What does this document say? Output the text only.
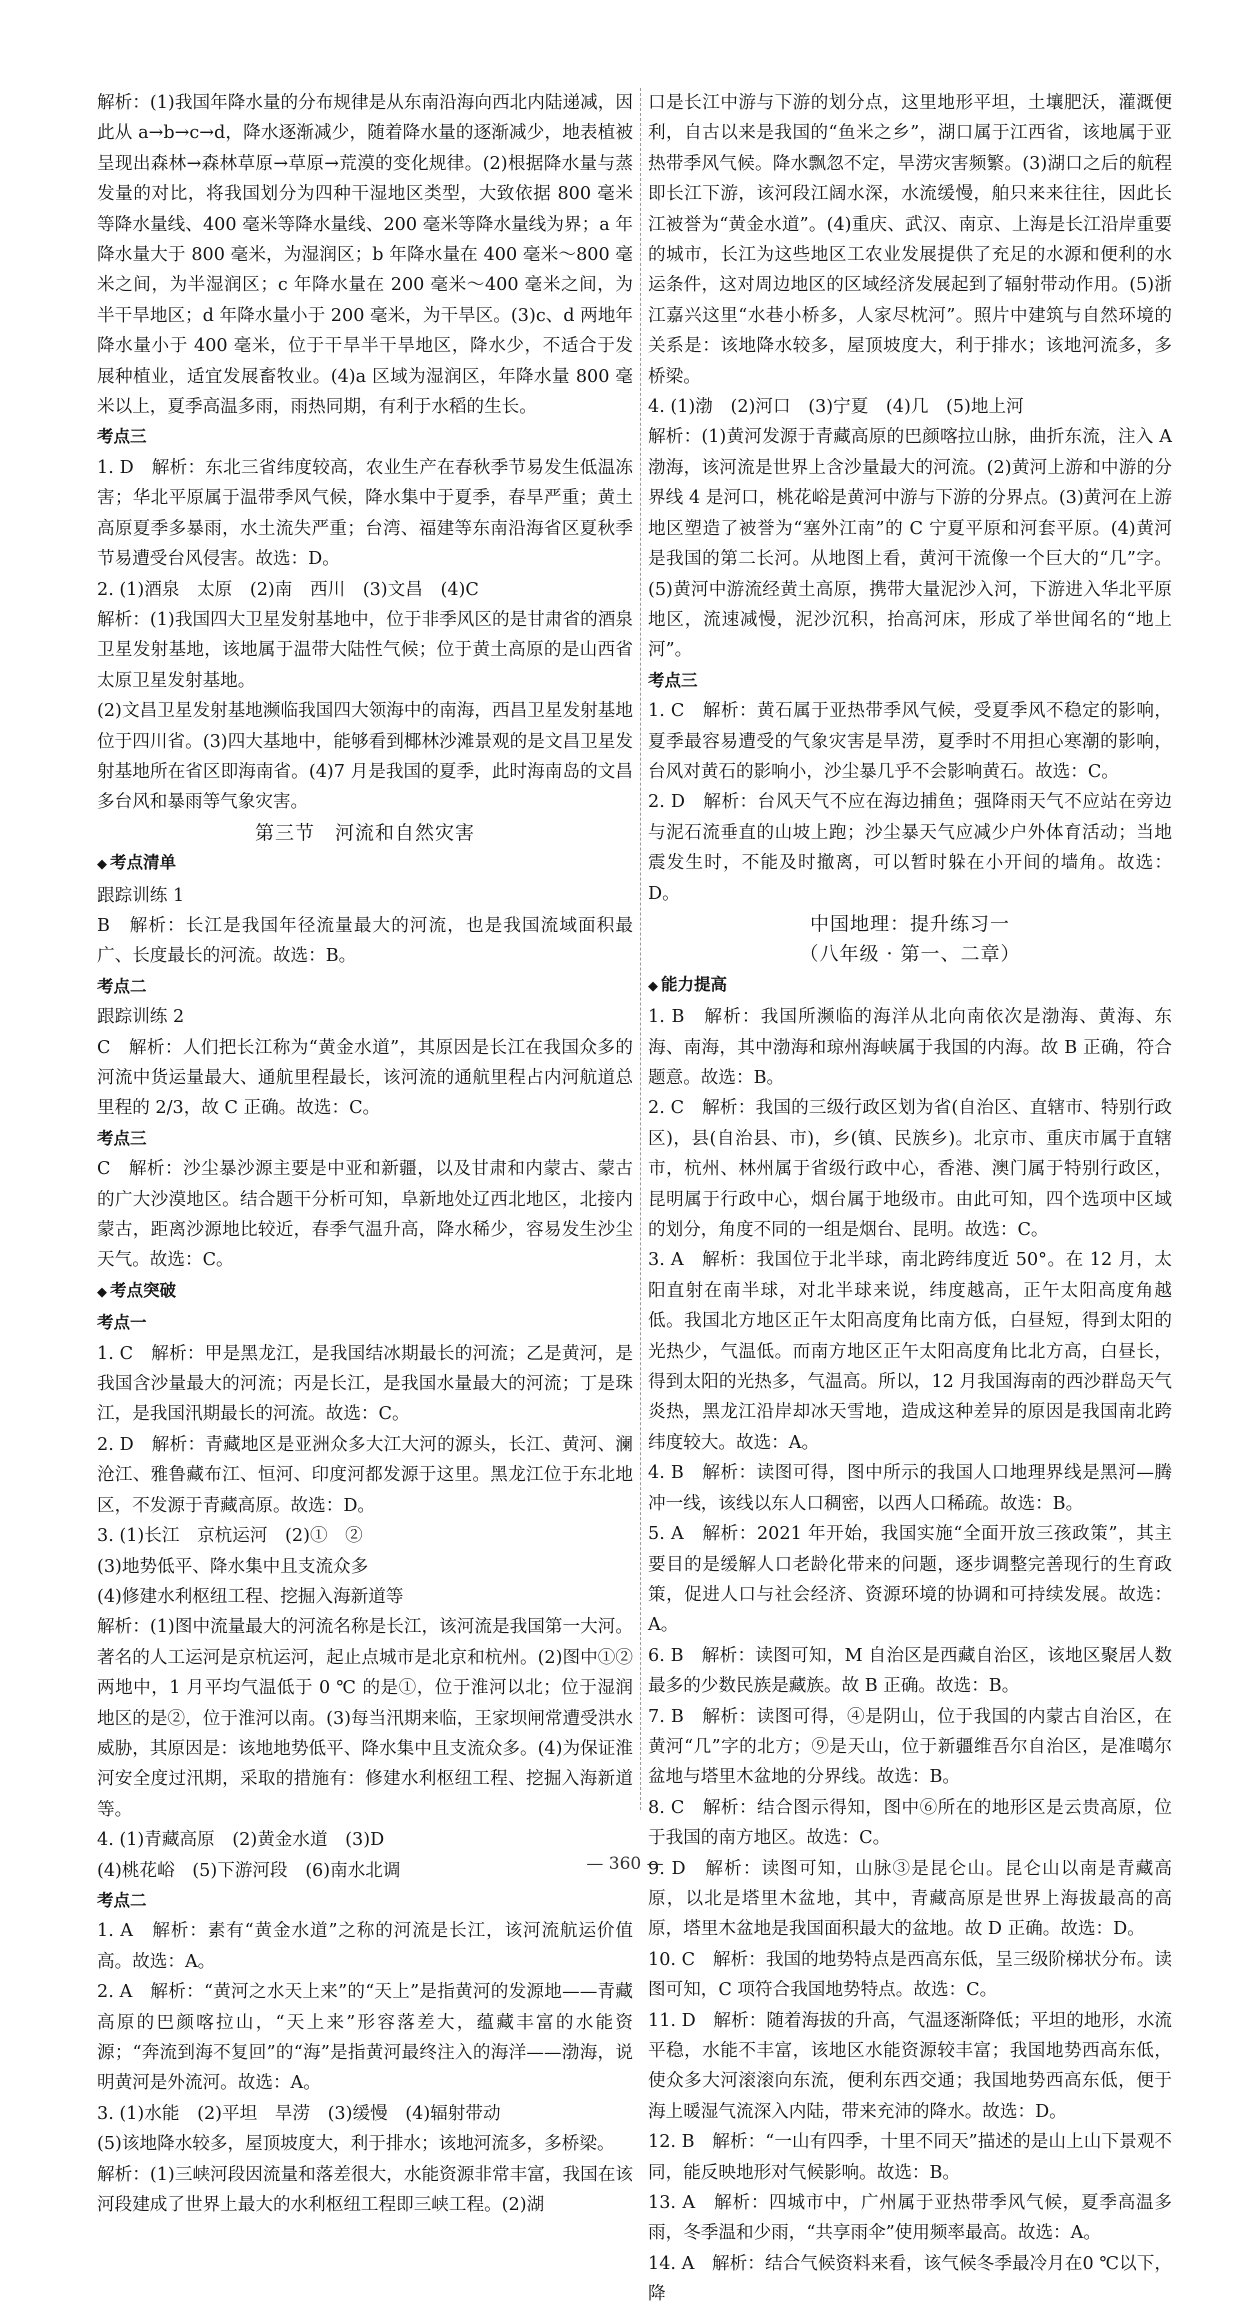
解析：(1)我国年降水量的分布规律是从东南沿海向西北内陆递减，因此从 a→b→c→d，降水逐渐减少，随着降水量的逐渐减少，地表植被呈现出森林→森林草原→草原→荒漠的变化规律。(2)根据降水量与蒸发量的对比，将我国划分为四种干湿地区类型，大致依据 800 毫米等降水量线、400 毫米等降水量线、200 毫米等降水量线为界；a 年降水量大于 800 毫米，为湿润区；b 年降水量在 400 毫米～800 毫米之间，为半湿润区；c 年降水量在 200 毫米～400 毫米之间，为半干旱地区；d 年降水量小于 200 毫米，为干旱区。(3)c、d 两地年降水量小于 400 毫米，位于干旱半干旱地区，降水少，不适合于发展种植业，适宜发展畜牧业。(4)a 区域为湿润区，年降水量 800 毫米以上，夏季高温多雨，雨热同期，有利于水稻的生长。
考点三
1. D　解析：东北三省纬度较高，农业生产在春秋季节易发生低温冻害；华北平原属于温带季风气候，降水集中于夏季，春旱严重；黄土高原夏季多暴雨，水土流失严重；台湾、福建等东南沿海省区夏秋季节易遭受台风侵害。故选：D。
2. (1)酒泉　太原　(2)南　西川　(3)文昌　(4)C
解析：(1)我国四大卫星发射基地中，位于非季风区的是甘肃省的酒泉卫星发射基地，该地属于温带大陆性气候；位于黄土高原的是山西省太原卫星发射基地。
(2)文昌卫星发射基地濒临我国四大领海中的南海，西昌卫星发射基地位于四川省。(3)四大基地中，能够看到椰林沙滩景观的是文昌卫星发射基地所在省区即海南省。(4)7 月是我国的夏季，此时海南岛的文昌多台风和暴雨等气象灾害。
第三节　河流和自然灾害
◆ 考点清单
跟踪训练 1
B　解析：长江是我国年径流量最大的河流，也是我国流域面积最广、长度最长的河流。故选：B。
考点二
跟踪训练 2
C　解析：人们把长江称为“黄金水道”，其原因是长江在我国众多的河流中货运量最大、通航里程最长，该河流的通航里程占内河航道总里程的 2/3，故 C 正确。故选：C。
考点三
C　解析：沙尘暴沙源主要是中亚和新疆，以及甘肃和内蒙古、蒙古的广大沙漠地区。结合题干分析可知，阜新地处辽西北地区，北接内蒙古，距离沙源地比较近，春季气温升高，降水稀少，容易发生沙尘天气。故选：C。
◆ 考点突破
考点一
1. C　解析：甲是黑龙江，是我国结冰期最长的河流；乙是黄河，是我国含沙量最大的河流；丙是长江，是我国水量最大的河流；丁是珠江，是我国汛期最长的河流。故选：C。
2. D　解析：青藏地区是亚洲众多大江大河的源头，长江、黄河、澜沧江、雅鲁藏布江、恒河、印度河都发源于这里。黑龙江位于东北地区，不发源于青藏高原。故选：D。
3. (1)长江　京杭运河　(2)①　②
(3)地势低平、降水集中且支流众多
(4)修建水利枢纽工程、挖掘入海新道等
解析：(1)图中流量最大的河流名称是长江，该河流是我国第一大河。著名的人工运河是京杭运河，起止点城市是北京和杭州。(2)图中①②两地中，1 月平均气温低于 0 ℃ 的是①，位于淮河以北；位于湿润地区的是②，位于淮河以南。(3)每当汛期来临，王家坝闸常遭受洪水威胁，其原因是：该地地势低平、降水集中且支流众多。(4)为保证淮河安全度过汛期，采取的措施有：修建水利枢纽工程、挖掘入海新道等。
4. (1)青藏高原　(2)黄金水道　(3)D
(4)桃花峪　(5)下游河段　(6)南水北调
考点二
1. A　解析：素有“黄金水道”之称的河流是长江，该河流航运价值高。故选：A。
2. A　解析：“黄河之水天上来”的“天上”是指黄河的发源地——青藏高原的巴颜喀拉山，“天上来”形容落差大，蕴藏丰富的水能资源；“奔流到海不复回”的“海”是指黄河最终注入的海洋——渤海，说明黄河是外流河。故选：A。
3. (1)水能　(2)平坦　旱涝　(3)缓慢　(4)辐射带动
(5)该地降水较多，屋顶坡度大，利于排水；该地河流多，多桥梁。
解析：(1)三峡河段因流量和落差很大，水能资源非常丰富，我国在该河段建成了世界上最大的水利枢纽工程即三峡工程。(2)湖
口是长江中游与下游的划分点，这里地形平坦，土壤肥沃，灌溉便利，自古以来是我国的“鱼米之乡”，湖口属于江西省，该地属于亚热带季风气候。降水飘忽不定，旱涝灾害频繁。(3)湖口之后的航程即长江下游，该河段江阔水深，水流缓慢，舶只来来往往，因此长江被誉为“黄金水道”。(4)重庆、武汉、南京、上海是长江沿岸重要的城市，长江为这些地区工农业发展提供了充足的水源和便利的水运条件，这对周边地区的区域经济发展起到了辐射带动作用。(5)浙江嘉兴这里“水巷小桥多，人家尽枕河”。照片中建筑与自然环境的关系是：该地降水较多，屋顶坡度大，利于排水；该地河流多，多桥梁。
4. (1)渤　(2)河口　(3)宁夏　(4)几　(5)地上河
解析：(1)黄河发源于青藏高原的巴颜喀拉山脉，曲折东流，注入 A 渤海，该河流是世界上含沙量最大的河流。(2)黄河上游和中游的分界线 4 是河口，桃花峪是黄河中游与下游的分界点。(3)黄河在上游地区塑造了被誉为“塞外江南”的 C 宁夏平原和河套平原。(4)黄河是我国的第二长河。从地图上看，黄河干流像一个巨大的“几”字。(5)黄河中游流经黄土高原，携带大量泥沙入河，下游进入华北平原地区，流速减慢，泥沙沉积，抬高河床，形成了举世闻名的“地上河”。
考点三
1. C　解析：黄石属于亚热带季风气候，受夏季风不稳定的影响，夏季最容易遭受的气象灾害是旱涝，夏季时不用担心寒潮的影响，台风对黄石的影响小，沙尘暴几乎不会影响黄石。故选：C。
2. D　解析：台风天气不应在海边捕鱼；强降雨天气不应站在旁边与泥石流垂直的山坡上跑；沙尘暴天气应减少户外体育活动；当地震发生时，不能及时撤离，可以暂时躲在小开间的墙角。故选：D。
中国地理：提升练习一
（八年级 · 第一、二章）
◆ 能力提高
1. B　解析：我国所濒临的海洋从北向南依次是渤海、黄海、东海、南海，其中渤海和琼州海峡属于我国的内海。故 B 正确，符合题意。故选：B。
2. C　解析：我国的三级行政区划为省(自治区、直辖市、特别行政区)，县(自治县、市)，乡(镇、民族乡)。北京市、重庆市属于直辖市，杭州、林州属于省级行政中心，香港、澳门属于特别行政区，昆明属于行政中心，烟台属于地级市。由此可知，四个选项中区域的划分，角度不同的一组是烟台、昆明。故选：C。
3. A　解析：我国位于北半球，南北跨纬度近 50°。在 12 月，太阳直射在南半球，对北半球来说，纬度越高，正午太阳高度角越低。我国北方地区正午太阳高度角比南方低，白昼短，得到太阳的光热少，气温低。而南方地区正午太阳高度角比北方高，白昼长，得到太阳的光热多，气温高。所以，12 月我国海南的西沙群岛天气炎热，黑龙江沿岸却冰天雪地，造成这种差异的原因是我国南北跨纬度较大。故选：A。
4. B　解析：读图可得，图中所示的我国人口地理界线是黑河—腾冲一线，该线以东人口稠密，以西人口稀疏。故选：B。
5. A　解析：2021 年开始，我国实施“全面开放三孩政策”，其主要目的是缓解人口老龄化带来的问题，逐步调整完善现行的生育政策，促进人口与社会经济、资源环境的协调和可持续发展。故选：A。
6. B　解析：读图可知，M 自治区是西藏自治区，该地区聚居人数最多的少数民族是藏族。故 B 正确。故选：B。
7. B　解析：读图可得，④是阴山，位于我国的内蒙古自治区，在黄河“几”字的北方；⑨是天山，位于新疆维吾尔自治区，是准噶尔盆地与塔里木盆地的分界线。故选：B。
8. C　解析：结合图示得知，图中⑥所在的地形区是云贵高原，位于我国的南方地区。故选：C。
9. D　解析：读图可知，山脉③是昆仑山。昆仑山以南是青藏高原，以北是塔里木盆地，其中，青藏高原是世界上海拔最高的高原，塔里木盆地是我国面积最大的盆地。故 D 正确。故选：D。
10. C　解析：我国的地势特点是西高东低，呈三级阶梯状分布。读图可知，C 项符合我国地势特点。故选：C。
11. D　解析：随着海拔的升高，气温逐渐降低；平坦的地形，水流平稳，水能不丰富，该地区水能资源较丰富；我国地势西高东低，使众多大河滚滚向东流，便利东西交通；我国地势西高东低，便于海上暖湿气流深入内陆，带来充沛的降水。故选：D。
12. B　解析：“一山有四季，十里不同天”描述的是山上山下景观不同，能反映地形对气候影响。故选：B。
13. A　解析：四城市中，广州属于亚热带季风气候，夏季高温多雨，冬季温和少雨，“共享雨伞”使用频率最高。故选：A。
14. A　解析：结合气候资料来看，该气候冬季最冷月在0 ℃以下，降
— 360 —
